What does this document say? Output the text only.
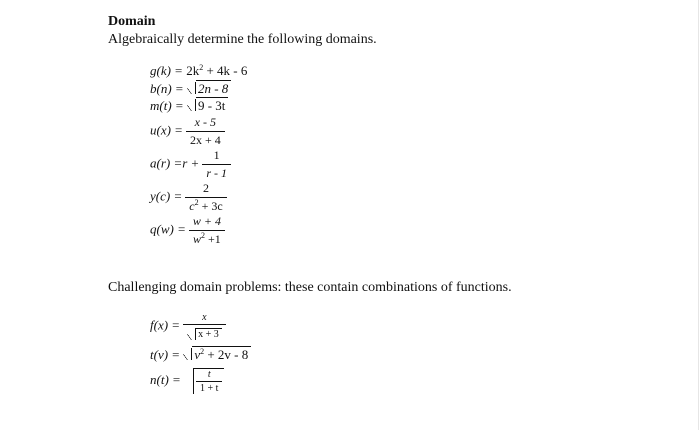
Domain
Algebraically determine the following domains.
$g(k) = 2k^2 + 4k - 6$
b(n) = 2n - 8
m(t) = 9 - 3t
$u(x) = \frac{x - 5}{2x + 4}$
$a(r) =r + \frac{1}{r - 1}$
$y(c) = \frac{2}{c^2 + 3c}$
$q(w) = \frac{w + 4}{w^2 +1}$
Challenging domain problems: these contain combinations of functions.
$f(x) = \frac{x}{x + 3}$
$t(v) = v^2 + 2v - 8$
$n(t) = \frac{t}{1 + t}$
